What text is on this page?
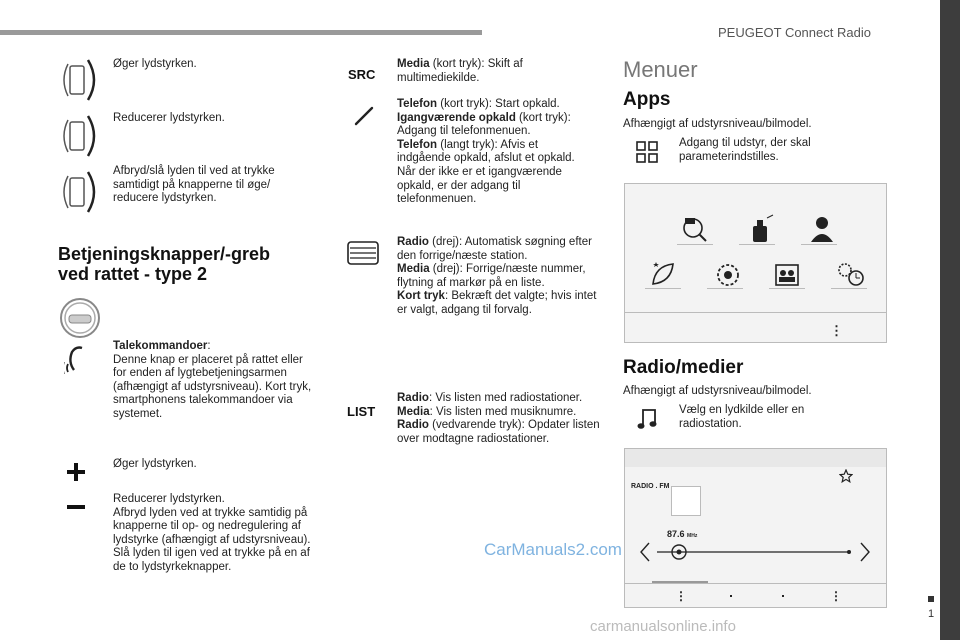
PEUGEOT Connect Radio
1
Øger lydstyrken.
Reducerer lydstyrken.
Afbryd/slå lyden til ved at trykke samtidigt på knapperne til øge/ reducere lydstyrken.
Betjeningsknapper/-greb
ved rattet - type 2
Talekommandoer:
Denne knap er placeret på rattet eller for enden af lygtebetjeningsarmen (afhængigt af udstyrsniveau). Kort tryk, smartphonens talekommandoer via systemet.
Øger lydstyrken.
Reducerer lydstyrken.
Afbryd lyden ved at trykke samtidig på knapperne til op- og nedregulering af lydstyrke (afhængigt af udstyrsniveau).
Slå lyden til igen ved at trykke på en af de to lydstyrkeknapper.
SRC
Media (kort tryk): Skift af multimediekilde.
Telefon (kort tryk): Start opkald.
Igangværende opkald (kort tryk): Adgang til telefonmenuen.
Telefon (langt tryk): Afvis et indgående opkald, afslut et opkald. Når der ikke er et igangværende opkald, er der adgang til telefonmenuen.
Radio (drej): Automatisk søgning efter den forrige/næste station.
Media (drej): Forrige/næste nummer, flytning af markør på en liste.
Kort tryk: Bekræft det valgte; hvis intet er valgt, adgang til forvalg.
LIST
Radio: Vis listen med radiostationer.
Media: Vis listen med musiknumre.
Radio (vedvarende tryk): Opdater listen over modtagne radiostationer.
Menuer
Apps
Afhængigt af udstyrsniveau/bilmodel.
Adgang til udstyr, der skal parameterindstilles.
⋮
Radio/medier
Afhængigt af udstyrsniveau/bilmodel.
Vælg en lydkilde eller en radiostation.
RADIO . FM
87.6 MHz
⋮	⋮
CarManuals2.com
carmanualsonline.info
